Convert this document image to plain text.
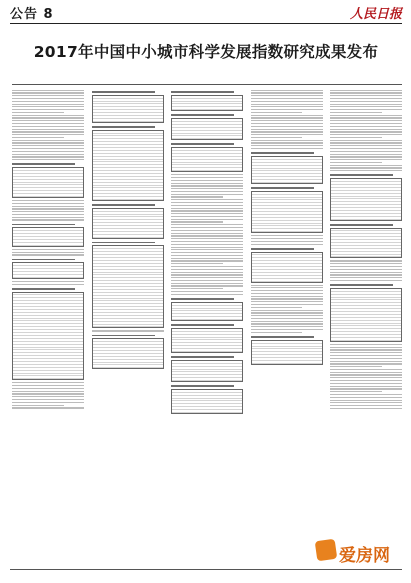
公告 8	人民日报
2017年中国中小城市科学发展指数研究成果发布
爱房网
